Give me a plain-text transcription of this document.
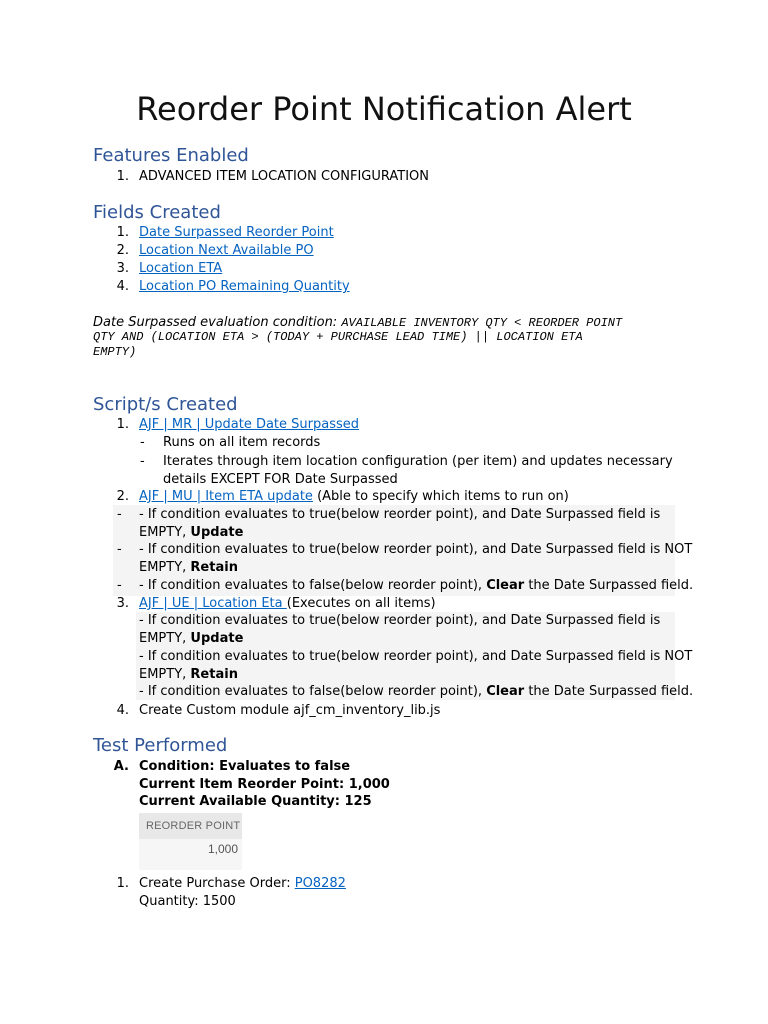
Reorder Point Notification Alert
Features Enabled
1. ADVANCED ITEM LOCATION CONFIGURATION
Fields Created
1. Date Surpassed Reorder Point
2. Location Next Available PO
3. Location ETA
4. Location PO Remaining Quantity
Date Surpassed evaluation condition: AVAILABLE INVENTORY QTY < REORDER POINT
QTY AND (LOCATION ETA > (TODAY + PURCHASE LEAD TIME) || LOCATION ETA
EMPTY)
Script/s Created
1. AJF | MR | Update Date Surpassed
- Runs on all item records
- Iterates through item location configuration (per item) and updates necessary
details EXCEPT FOR Date Surpassed
2. AJF | MU | Item ETA update (Able to specify which items to run on)
- - If condition evaluates to true(below reorder point), and Date Surpassed field is
EMPTY, Update
- - If condition evaluates to true(below reorder point), and Date Surpassed field is NOT
EMPTY, Retain
- - If condition evaluates to false(below reorder point), Clear the Date Surpassed field.
3. AJF | UE | Location Eta (Executes on all items)
- If condition evaluates to true(below reorder point), and Date Surpassed field is
EMPTY, Update
- If condition evaluates to true(below reorder point), and Date Surpassed field is NOT
EMPTY, Retain
- If condition evaluates to false(below reorder point), Clear the Date Surpassed field.
4. Create Custom module ajf_cm_inventory_lib.js
Test Performed
A. Condition: Evaluates to false
Current Item Reorder Point: 1,000
Current Available Quantity: 125
REORDER POINT
1,000
1. Create Purchase Order: PO8282
Quantity: 1500
